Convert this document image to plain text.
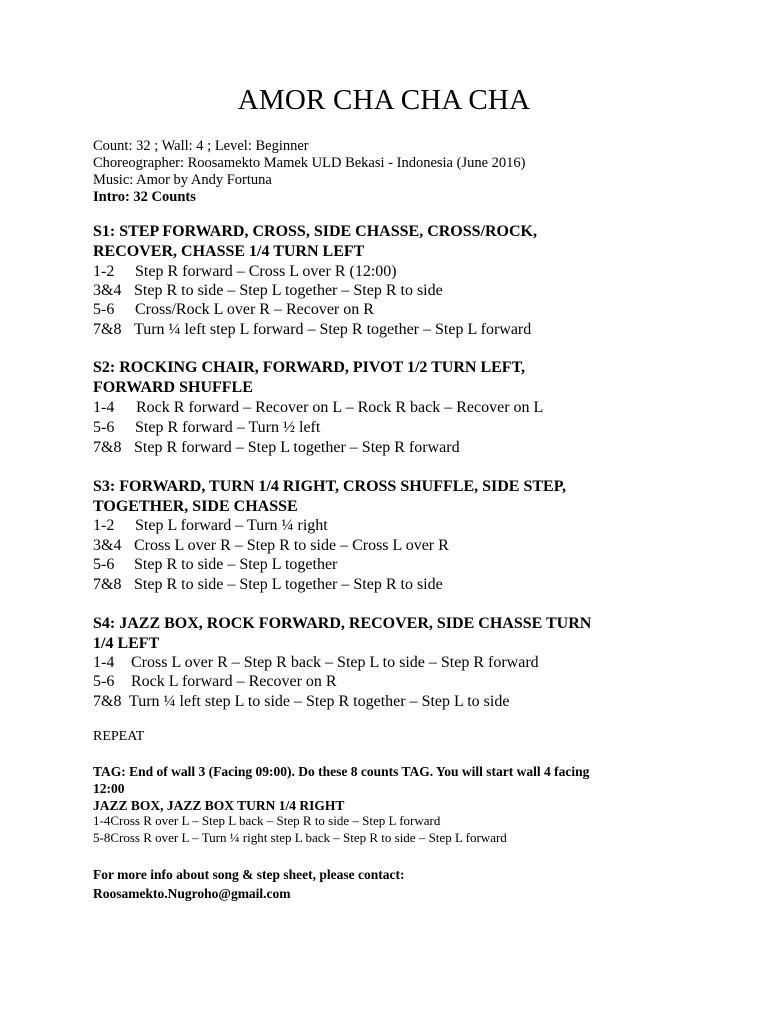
AMOR CHA CHA CHA
Count: 32 ; Wall: 4 ; Level: Beginner
Choreographer: Roosamekto Mamek ULD Bekasi - Indonesia (June 2016)
Music: Amor by Andy Fortuna
Intro: 32 Counts
S1: STEP FORWARD, CROSS, SIDE CHASSE, CROSS/ROCK,
RECOVER, CHASSE 1/4 TURN LEFT
1-2 Step R forward – Cross L over R (12:00)
3&4 Step R to side – Step L together – Step R to side
5-6 Cross/Rock L over R – Recover on R
7&8 Turn ¼ left step L forward – Step R together – Step L forward
S2: ROCKING CHAIR, FORWARD, PIVOT 1/2 TURN LEFT,
FORWARD SHUFFLE
1-4 Rock R forward – Recover on L – Rock R back – Recover on L
5-6 Step R forward – Turn ½ left
7&8 Step R forward – Step L together – Step R forward
S3: FORWARD, TURN 1/4 RIGHT, CROSS SHUFFLE, SIDE STEP,
TOGETHER, SIDE CHASSE
1-2 Step L forward – Turn ¼ right
3&4 Cross L over R – Step R to side – Cross L over R
5-6 Step R to side – Step L together
7&8 Step R to side – Step L together – Step R to side
S4: JAZZ BOX, ROCK FORWARD, RECOVER, SIDE CHASSE TURN
1/4 LEFT
1-4 Cross L over R – Step R back – Step L to side – Step R forward
5-6 Rock L forward – Recover on R
7&8 Turn ¼ left step L to side – Step R together – Step L to side
REPEAT
TAG: End of wall 3 (Facing 09:00). Do these 8 counts TAG. You will start wall 4 facing
12:00
JAZZ BOX, JAZZ BOX TURN 1/4 RIGHT
1-4Cross R over L – Step L back – Step R to side – Step L forward
5-8Cross R over L – Turn ¼ right step L back – Step R to side – Step L forward
For more info about song & step sheet, please contact:
Roosamekto.Nugroho@gmail.com
